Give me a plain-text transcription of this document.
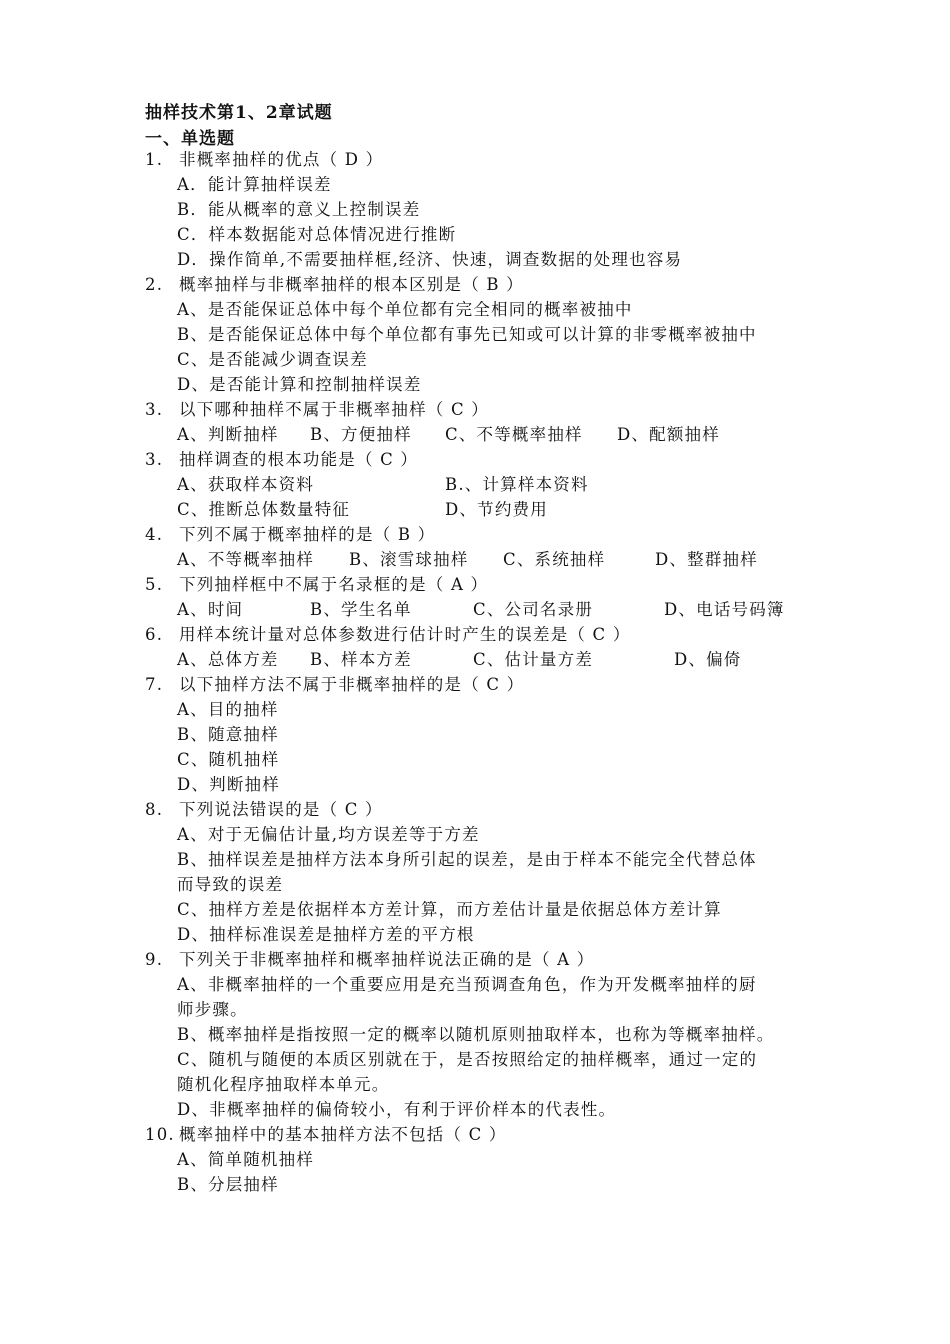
抽样技术第1、2章试题
一、单选题
1. 非概率抽样的优点（ D ）
A．能计算抽样误差
B．能从概率的意义上控制误差
C．样本数据能对总体情况进行推断
D．操作简单,不需要抽样框,经济、快速，调查数据的处理也容易
2. 概率抽样与非概率抽样的根本区别是（ B ）
A、是否能保证总体中每个单位都有完全相同的概率被抽中
B、是否能保证总体中每个单位都有事先已知或可以计算的非零概率被抽中
C、是否能减少调查误差
D、是否能计算和控制抽样误差
3. 以下哪种抽样不属于非概率抽样（ C ）
A、判断抽样 B、方便抽样 C、不等概率抽样 D、配额抽样
3. 抽样调查的根本功能是（ C ）
A、获取样本资料	B.、计算样本资料
C、推断总体数量特征	D、节约费用
4. 下列不属于概率抽样的是（ B ）
A、不等概率抽样 B、滚雪球抽样 C、系统抽样	D、整群抽样
5. 下列抽样框中不属于名录框的是（ A ）
A、时间	B、学生名单	C、公司名录册	D、电话号码簿
6. 用样本统计量对总体参数进行估计时产生的误差是（ C ）
A、总体方差 B、样本方差	C、估计量方差	D、偏倚
7. 以下抽样方法不属于非概率抽样的是（ C ）
A、目的抽样
B、随意抽样
C、随机抽样
D、判断抽样
8. 下列说法错误的是（ C ）
A、对于无偏估计量,均方误差等于方差
B、抽样误差是抽样方法本身所引起的误差，是由于样本不能完全代替总体
而导致的误差
C、抽样方差是依据样本方差计算，而方差估计量是依据总体方差计算
D、抽样标准误差是抽样方差的平方根
9. 下列关于非概率抽样和概率抽样说法正确的是（ A ）
A、非概率抽样的一个重要应用是充当预调查角色，作为开发概率抽样的厨
师步骤。
B、概率抽样是指按照一定的概率以随机原则抽取样本，也称为等概率抽样。
C、随机与随便的本质区别就在于，是否按照给定的抽样概率，通过一定的
随机化程序抽取样本单元。
D、非概率抽样的偏倚较小，有利于评价样本的代表性。
10. 概率抽样中的基本抽样方法不包括（ C ）
A、简单随机抽样
B、分层抽样
